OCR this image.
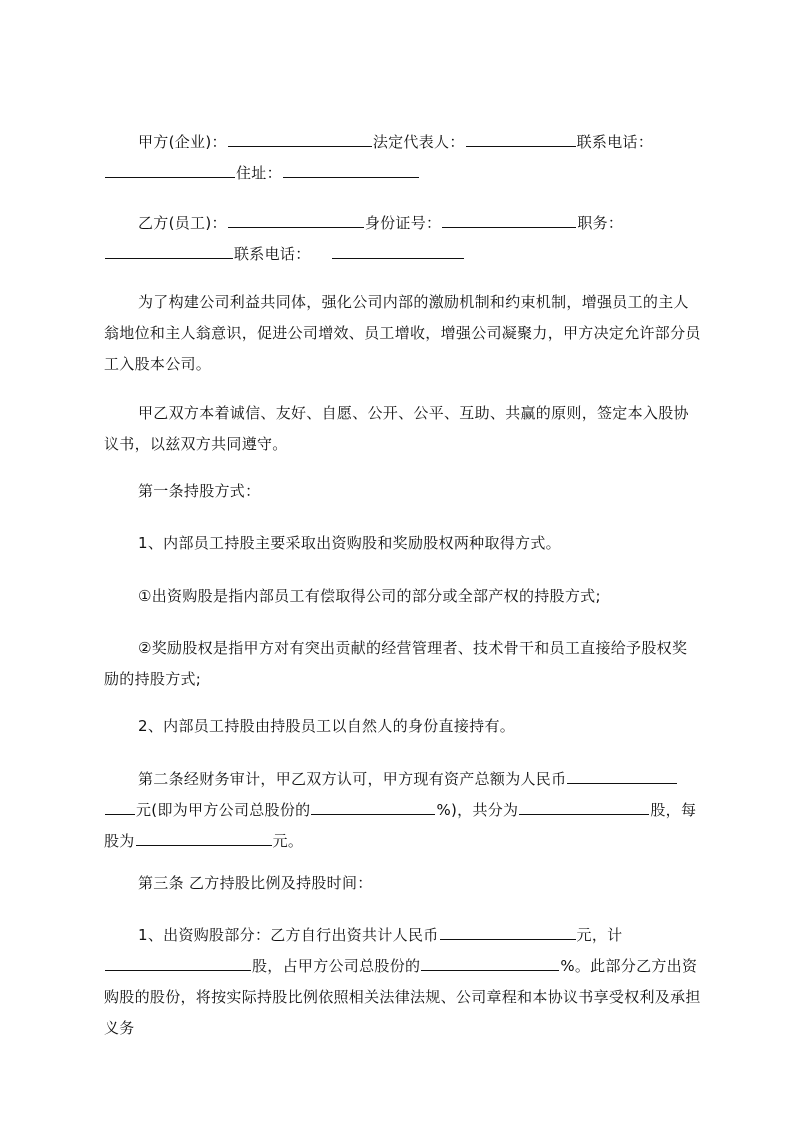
甲方(企业)：	法定代表人：	联系电话：住址：

乙方(员工)：	身份证号：	职务：联系电话：

为了构建公司利益共同体，强化公司内部的激励机制和约束机制，增强员工的主人翁地位和主人翁意识，促进公司增效、员工增收，增强公司凝聚力，甲方决定允许部分员工入股本公司。

甲乙双方本着诚信、友好、自愿、公开、公平、互助、共赢的原则，签定本入股协议书，以兹双方共同遵守。

第一条持股方式：

1、内部员工持股主要采取出资购股和奖励股权两种取得方式。

①出资购股是指内部员工有偿取得公司的部分或全部产权的持股方式;

②奖励股权是指甲方对有突出贡献的经营管理者、技术骨干和员工直接给予股权奖励的持股方式;

2、内部员工持股由持股员工以自然人的身份直接持有。

第二条经财务审计，甲乙双方认可，甲方现有资产总额为人民币元(即为甲方公司总股份的	%)，共分为	股，每股为	元。

第三条 乙方持股比例及持股时间：

1、出资购股部分：乙方自行出资共计人民币	元，计股，占甲方公司总股份的	%。此部分乙方出资购股的股份，将按实际持股比例依照相关法律法规、公司章程和本协议书享受权利及承担义务
